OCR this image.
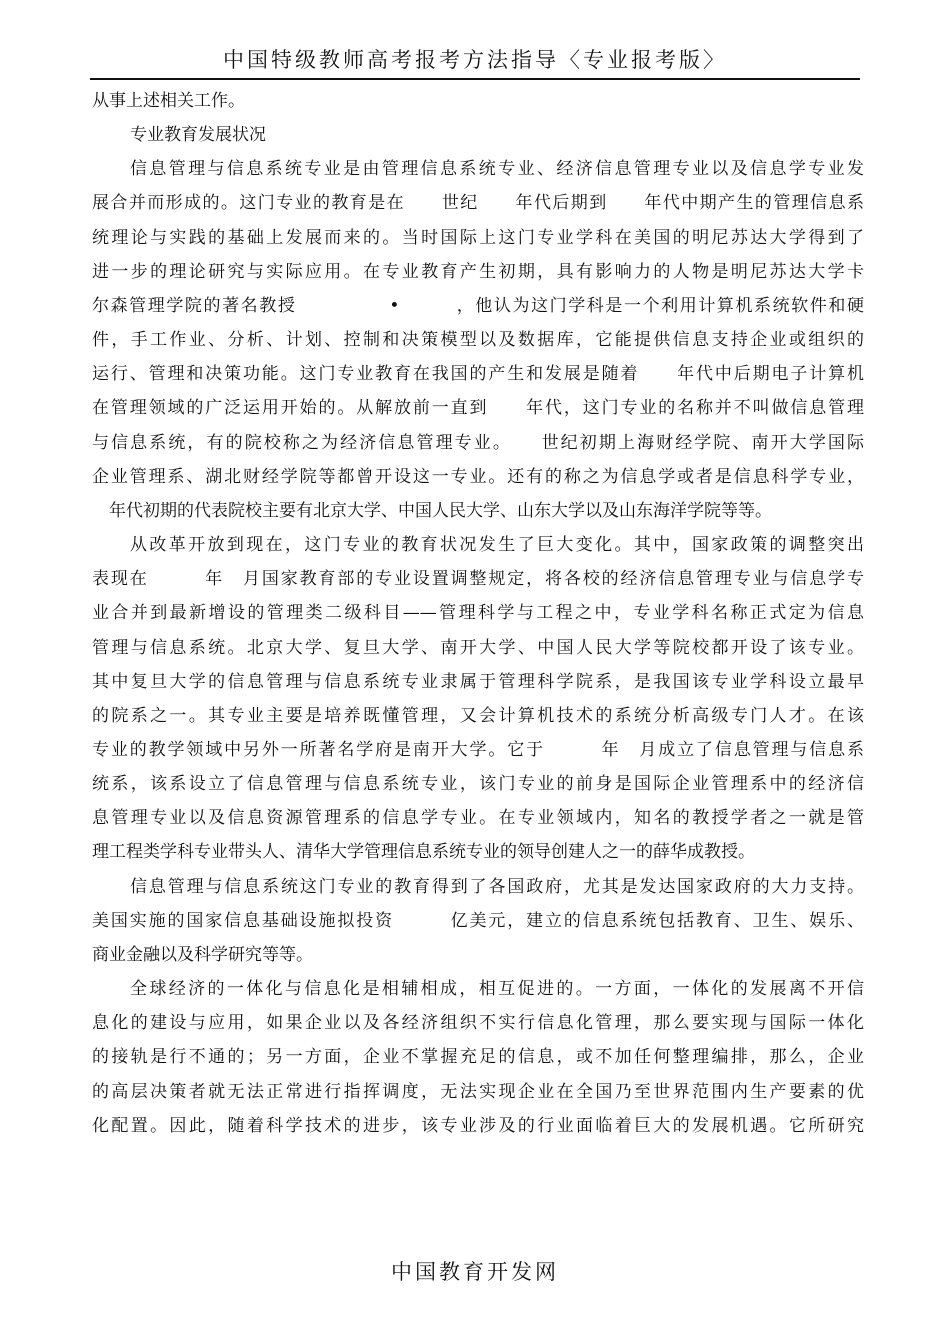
中国特级教师高考报考方法指导〈专业报考版〉

从事上述相关工作。

专业教育发展状况

信息管理与信息系统专业是由管理信息系统专业、经济信息管理专业以及信息学专业发

展合并而形成的。这门专业的教育是在　　世纪　　年代后期到　　年代中期产生的管理信息系

统理论与实践的基础上发展而来的。当时国际上这门专业学科在美国的明尼苏达大学得到了

进一步的理论研究与实际应用。在专业教育产生初期，具有影响力的人物是明尼苏达大学卡

尔森管理学院的著名教授　　　　　•　　　，他认为这门学科是一个利用计算机系统软件和硬

件，手工作业、分析、计划、控制和决策模型以及数据库，它能提供信息支持企业或组织的

运行、管理和决策功能。这门专业教育在我国的产生和发展是随着　　年代中后期电子计算机

在管理领域的广泛运用开始的。从解放前一直到　　年代，这门专业的名称并不叫做信息管理

与信息系统，有的院校称之为经济信息管理专业。　　世纪初期上海财经学院、南开大学国际

企业管理系、湖北财经学院等都曾开设这一专业。还有的称之为信息学或者是信息科学专业，

　年代初期的代表院校主要有北京大学、中国人民大学、山东大学以及山东海洋学院等等。

从改革开放到现在，这门专业的教育状况发生了巨大变化。其中，国家政策的调整突出

表现在　　　年　月国家教育部的专业设置调整规定，将各校的经济信息管理专业与信息学专

业合并到最新增设的管理类二级科目——管理科学与工程之中，专业学科名称正式定为信息

管理与信息系统。北京大学、复旦大学、南开大学、中国人民大学等院校都开设了该专业。

其中复旦大学的信息管理与信息系统专业隶属于管理科学院系，是我国该专业学科设立最早

的院系之一。其专业主要是培养既懂管理，又会计算机技术的系统分析高级专门人才。在该

专业的教学领域中另外一所著名学府是南开大学。它于　　　年　月成立了信息管理与信息系

统系，该系设立了信息管理与信息系统专业，该门专业的前身是国际企业管理系中的经济信

息管理专业以及信息资源管理系的信息学专业。在专业领域内，知名的教授学者之一就是管

理工程类学科专业带头人、清华大学管理信息系统专业的领导创建人之一的薛华成教授。

信息管理与信息系统这门专业的教育得到了各国政府，尤其是发达国家政府的大力支持。

美国实施的国家信息基础设施拟投资　　　亿美元，建立的信息系统包括教育、卫生、娱乐、

商业金融以及科学研究等等。

全球经济的一体化与信息化是相辅相成，相互促进的。一方面，一体化的发展离不开信

息化的建设与应用，如果企业以及各经济组织不实行信息化管理，那么要实现与国际一体化

的接轨是行不通的；另一方面，企业不掌握充足的信息，或不加任何整理编排，那么，企业

的高层决策者就无法正常进行指挥调度，无法实现企业在全国乃至世界范围内生产要素的优

化配置。因此，随着科学技术的进步，该专业涉及的行业面临着巨大的发展机遇。它所研究

中国教育开发网
